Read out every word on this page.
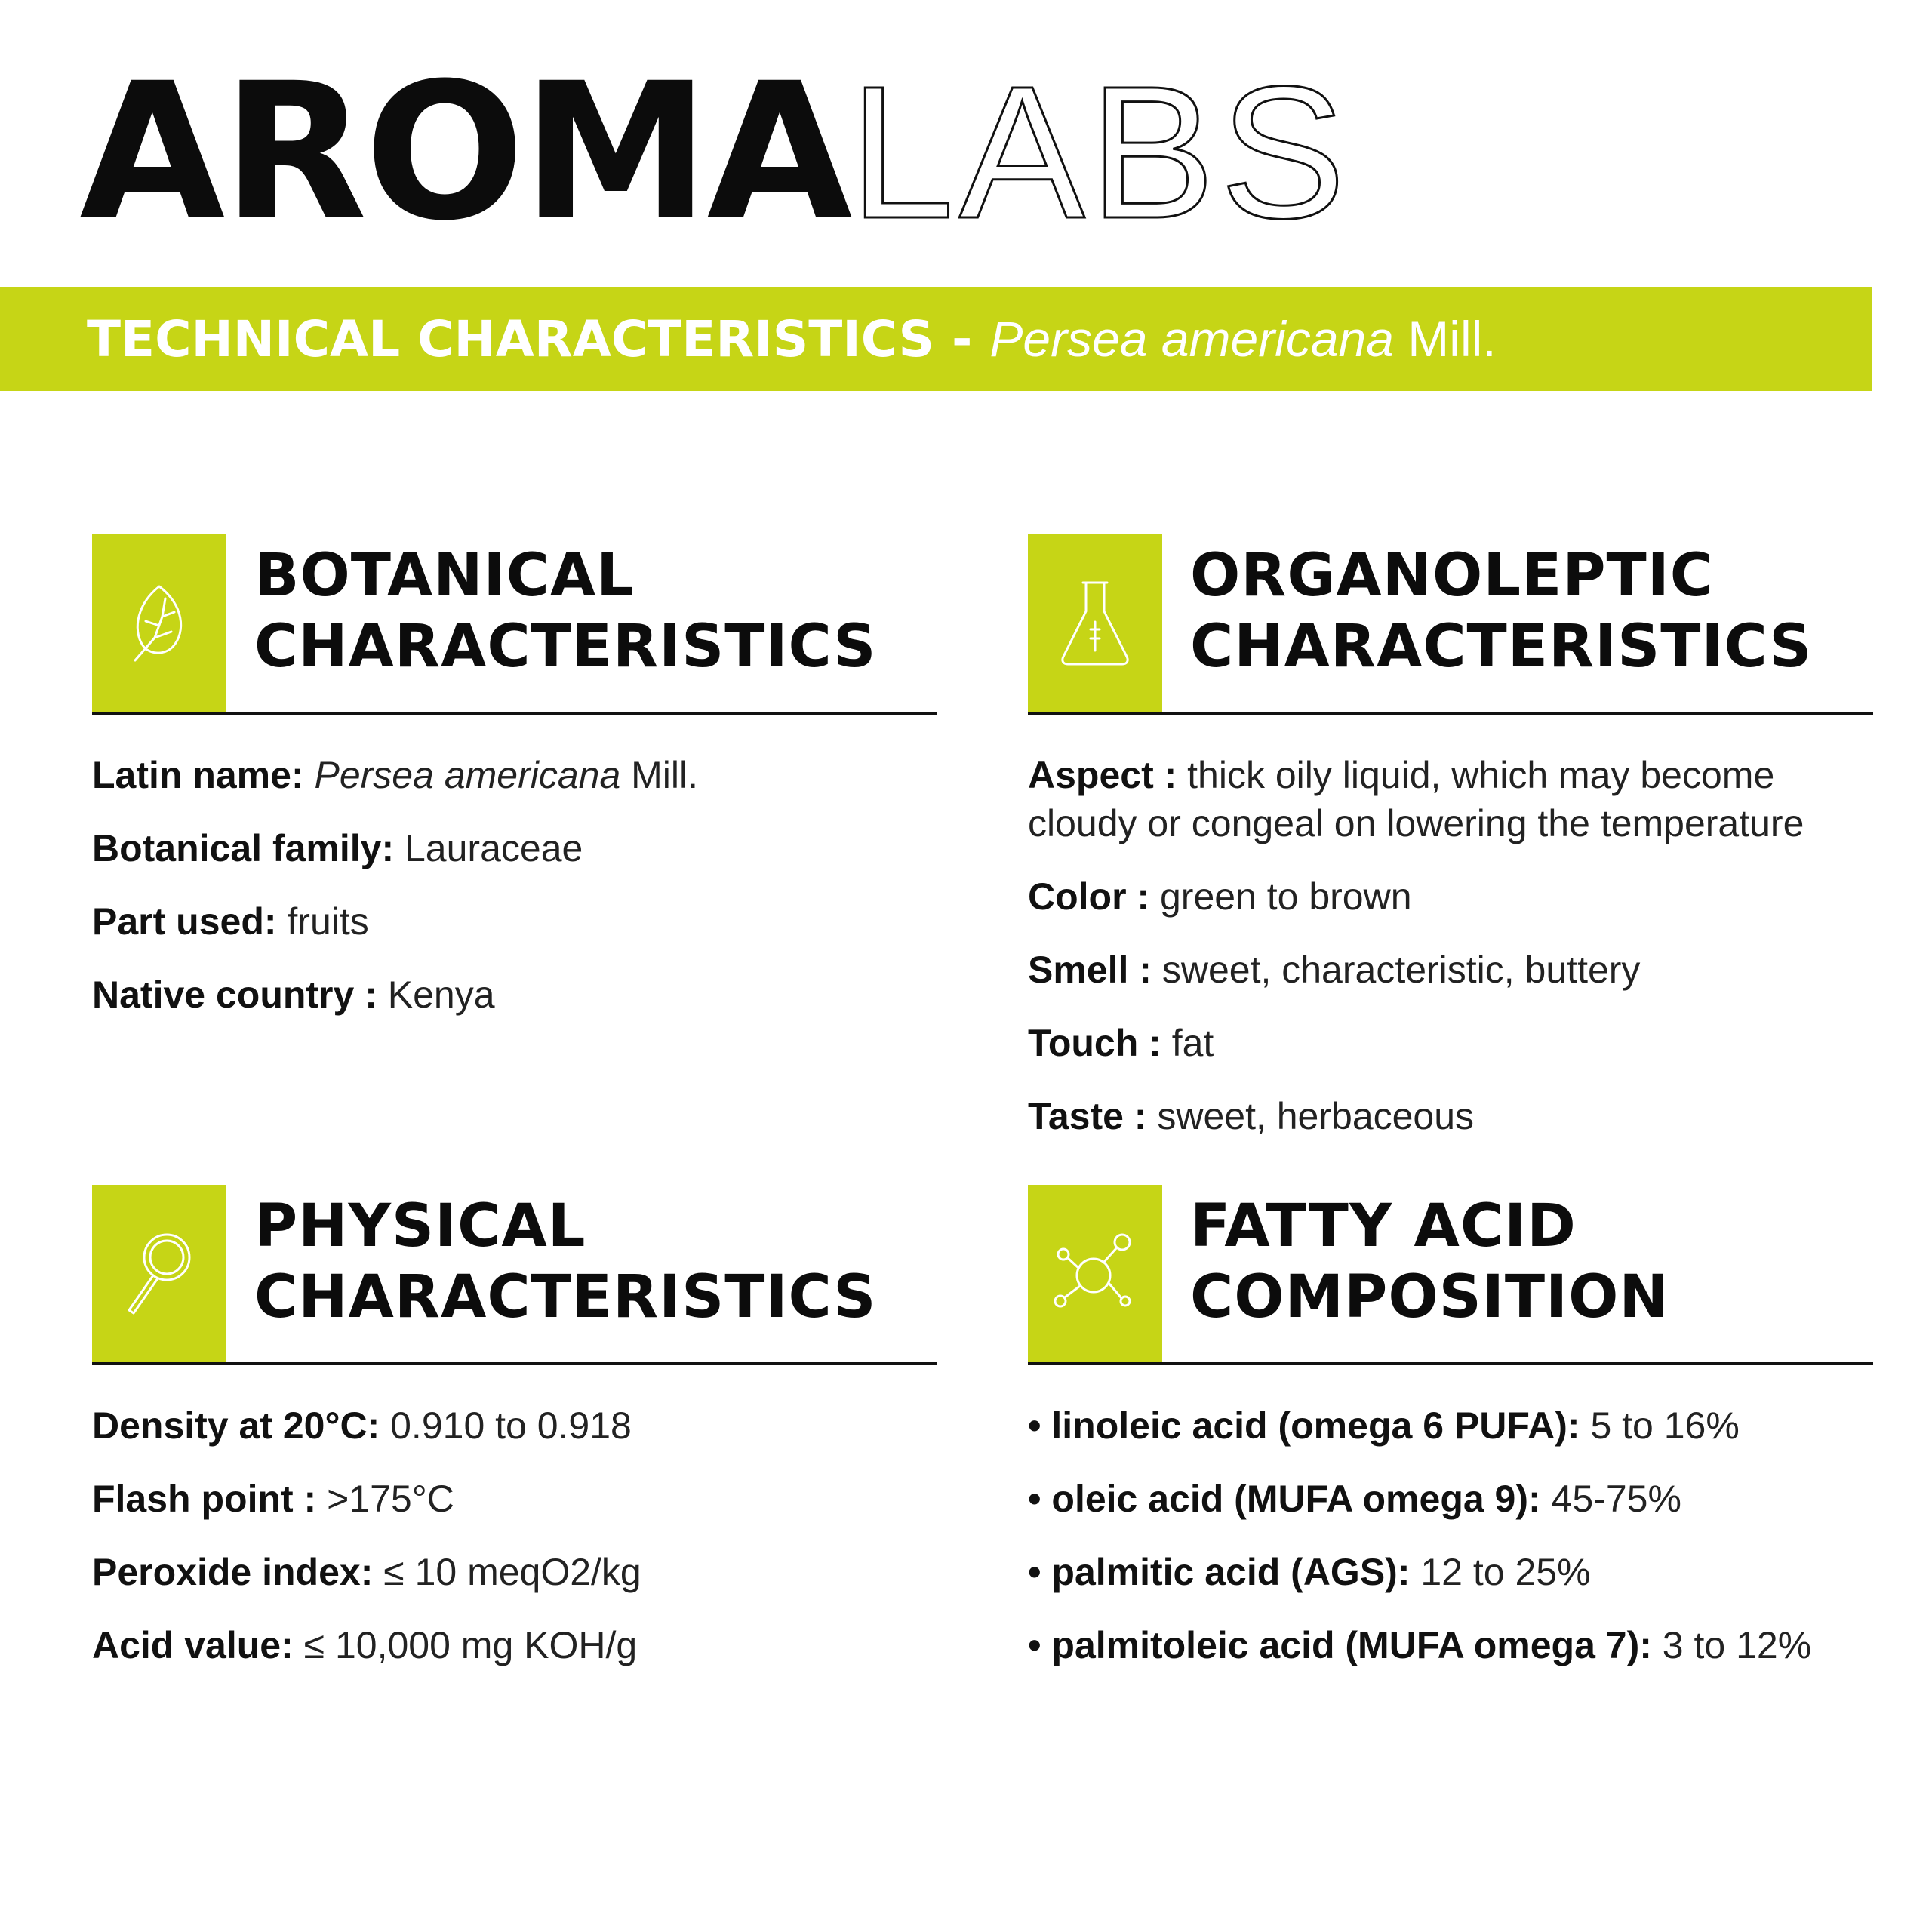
AROMALABS
TECHNICAL CHARACTERISTICS - Persea americana Mill.
BOTANICAL
CHARACTERISTICS
Latin name: Persea americana Mill.
Botanical family: Lauraceae
Part used: fruits
Native country : Kenya
ORGANOLEPTIC
CHARACTERISTICS
Aspect : thick oily liquid, which may become cloudy or congeal on lowering the temperature
Color : green to brown
Smell : sweet, characteristic, buttery
Touch : fat
Taste : sweet, herbaceous
PHYSICAL
CHARACTERISTICS
Density at 20°C: 0.910 to 0.918
Flash point : >175°C
Peroxide index: ≤ 10 meqO2/kg
Acid value: ≤ 10,000 mg KOH/g
FATTY ACID
COMPOSITION
• linoleic acid (omega 6 PUFA): 5 to 16%
• oleic acid (MUFA omega 9): 45-75%
• palmitic acid (AGS): 12 to 25%
• palmitoleic acid (MUFA omega 7): 3 to 12%
